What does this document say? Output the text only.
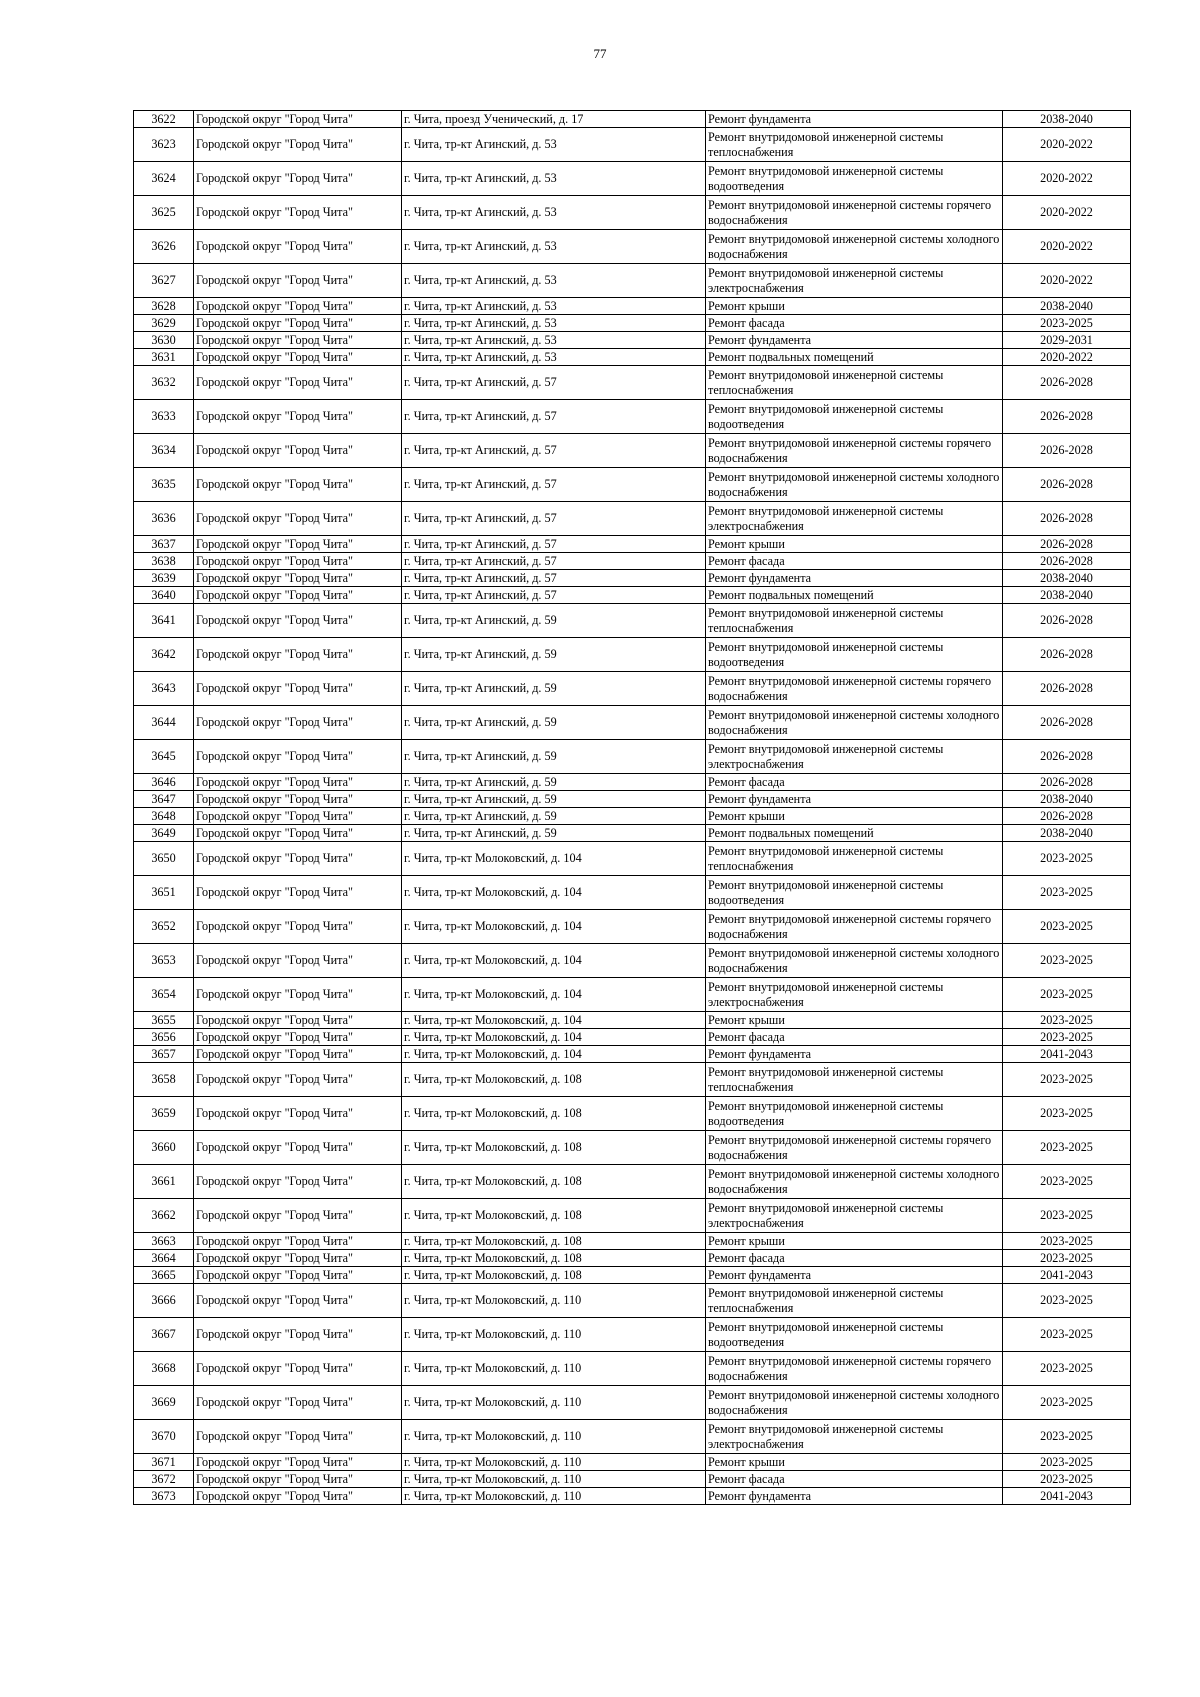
77
3622	Городской округ "Город Чита"	г. Чита, проезд Ученический, д. 17	Ремонт фундамента	2038-2040
3623	Городской округ "Город Чита"	г. Чита, тр-кт Агинский, д. 53	Ремонт внутридомовой инженерной системы теплоснабжения	2020-2022
3624	Городской округ "Город Чита"	г. Чита, тр-кт Агинский, д. 53	Ремонт внутридомовой инженерной системы водоотведения	2020-2022
3625	Городской округ "Город Чита"	г. Чита, тр-кт Агинский, д. 53	Ремонт внутридомовой инженерной системы горячего водоснабжения	2020-2022
3626	Городской округ "Город Чита"	г. Чита, тр-кт Агинский, д. 53	Ремонт внутридомовой инженерной системы холодного водоснабжения	2020-2022
3627	Городской округ "Город Чита"	г. Чита, тр-кт Агинский, д. 53	Ремонт внутридомовой инженерной системы электроснабжения	2020-2022
3628	Городской округ "Город Чита"	г. Чита, тр-кт Агинский, д. 53	Ремонт крыши	2038-2040
3629	Городской округ "Город Чита"	г. Чита, тр-кт Агинский, д. 53	Ремонт фасада	2023-2025
3630	Городской округ "Город Чита"	г. Чита, тр-кт Агинский, д. 53	Ремонт фундамента	2029-2031
3631	Городской округ "Город Чита"	г. Чита, тр-кт Агинский, д. 53	Ремонт подвальных помещений	2020-2022
3632	Городской округ "Город Чита"	г. Чита, тр-кт Агинский, д. 57	Ремонт внутридомовой инженерной системы теплоснабжения	2026-2028
3633	Городской округ "Город Чита"	г. Чита, тр-кт Агинский, д. 57	Ремонт внутридомовой инженерной системы водоотведения	2026-2028
3634	Городской округ "Город Чита"	г. Чита, тр-кт Агинский, д. 57	Ремонт внутридомовой инженерной системы горячего водоснабжения	2026-2028
3635	Городской округ "Город Чита"	г. Чита, тр-кт Агинский, д. 57	Ремонт внутридомовой инженерной системы холодного водоснабжения	2026-2028
3636	Городской округ "Город Чита"	г. Чита, тр-кт Агинский, д. 57	Ремонт внутридомовой инженерной системы электроснабжения	2026-2028
3637	Городской округ "Город Чита"	г. Чита, тр-кт Агинский, д. 57	Ремонт крыши	2026-2028
3638	Городской округ "Город Чита"	г. Чита, тр-кт Агинский, д. 57	Ремонт фасада	2026-2028
3639	Городской округ "Город Чита"	г. Чита, тр-кт Агинский, д. 57	Ремонт фундамента	2038-2040
3640	Городской округ "Город Чита"	г. Чита, тр-кт Агинский, д. 57	Ремонт подвальных помещений	2038-2040
3641	Городской округ "Город Чита"	г. Чита, тр-кт Агинский, д. 59	Ремонт внутридомовой инженерной системы теплоснабжения	2026-2028
3642	Городской округ "Город Чита"	г. Чита, тр-кт Агинский, д. 59	Ремонт внутридомовой инженерной системы водоотведения	2026-2028
3643	Городской округ "Город Чита"	г. Чита, тр-кт Агинский, д. 59	Ремонт внутридомовой инженерной системы горячего водоснабжения	2026-2028
3644	Городской округ "Город Чита"	г. Чита, тр-кт Агинский, д. 59	Ремонт внутридомовой инженерной системы холодного водоснабжения	2026-2028
3645	Городской округ "Город Чита"	г. Чита, тр-кт Агинский, д. 59	Ремонт внутридомовой инженерной системы электроснабжения	2026-2028
3646	Городской округ "Город Чита"	г. Чита, тр-кт Агинский, д. 59	Ремонт фасада	2026-2028
3647	Городской округ "Город Чита"	г. Чита, тр-кт Агинский, д. 59	Ремонт фундамента	2038-2040
3648	Городской округ "Город Чита"	г. Чита, тр-кт Агинский, д. 59	Ремонт крыши	2026-2028
3649	Городской округ "Город Чита"	г. Чита, тр-кт Агинский, д. 59	Ремонт подвальных помещений	2038-2040
3650	Городской округ "Город Чита"	г. Чита, тр-кт Молоковский, д. 104	Ремонт внутридомовой инженерной системы теплоснабжения	2023-2025
3651	Городской округ "Город Чита"	г. Чита, тр-кт Молоковский, д. 104	Ремонт внутридомовой инженерной системы водоотведения	2023-2025
3652	Городской округ "Город Чита"	г. Чита, тр-кт Молоковский, д. 104	Ремонт внутридомовой инженерной системы горячего водоснабжения	2023-2025
3653	Городской округ "Город Чита"	г. Чита, тр-кт Молоковский, д. 104	Ремонт внутридомовой инженерной системы холодного водоснабжения	2023-2025
3654	Городской округ "Город Чита"	г. Чита, тр-кт Молоковский, д. 104	Ремонт внутридомовой инженерной системы электроснабжения	2023-2025
3655	Городской округ "Город Чита"	г. Чита, тр-кт Молоковский, д. 104	Ремонт крыши	2023-2025
3656	Городской округ "Город Чита"	г. Чита, тр-кт Молоковский, д. 104	Ремонт фасада	2023-2025
3657	Городской округ "Город Чита"	г. Чита, тр-кт Молоковский, д. 104	Ремонт фундамента	2041-2043
3658	Городской округ "Город Чита"	г. Чита, тр-кт Молоковский, д. 108	Ремонт внутридомовой инженерной системы теплоснабжения	2023-2025
3659	Городской округ "Город Чита"	г. Чита, тр-кт Молоковский, д. 108	Ремонт внутридомовой инженерной системы водоотведения	2023-2025
3660	Городской округ "Город Чита"	г. Чита, тр-кт Молоковский, д. 108	Ремонт внутридомовой инженерной системы горячего водоснабжения	2023-2025
3661	Городской округ "Город Чита"	г. Чита, тр-кт Молоковский, д. 108	Ремонт внутридомовой инженерной системы холодного водоснабжения	2023-2025
3662	Городской округ "Город Чита"	г. Чита, тр-кт Молоковский, д. 108	Ремонт внутридомовой инженерной системы электроснабжения	2023-2025
3663	Городской округ "Город Чита"	г. Чита, тр-кт Молоковский, д. 108	Ремонт крыши	2023-2025
3664	Городской округ "Город Чита"	г. Чита, тр-кт Молоковский, д. 108	Ремонт фасада	2023-2025
3665	Городской округ "Город Чита"	г. Чита, тр-кт Молоковский, д. 108	Ремонт фундамента	2041-2043
3666	Городской округ "Город Чита"	г. Чита, тр-кт Молоковский, д. 110	Ремонт внутридомовой инженерной системы теплоснабжения	2023-2025
3667	Городской округ "Город Чита"	г. Чита, тр-кт Молоковский, д. 110	Ремонт внутридомовой инженерной системы водоотведения	2023-2025
3668	Городской округ "Город Чита"	г. Чита, тр-кт Молоковский, д. 110	Ремонт внутридомовой инженерной системы горячего водоснабжения	2023-2025
3669	Городской округ "Город Чита"	г. Чита, тр-кт Молоковский, д. 110	Ремонт внутридомовой инженерной системы холодного водоснабжения	2023-2025
3670	Городской округ "Город Чита"	г. Чита, тр-кт Молоковский, д. 110	Ремонт внутридомовой инженерной системы электроснабжения	2023-2025
3671	Городской округ "Город Чита"	г. Чита, тр-кт Молоковский, д. 110	Ремонт крыши	2023-2025
3672	Городской округ "Город Чита"	г. Чита, тр-кт Молоковский, д. 110	Ремонт фасада	2023-2025
3673	Городской округ "Город Чита"	г. Чита, тр-кт Молоковский, д. 110	Ремонт фундамента	2041-2043
